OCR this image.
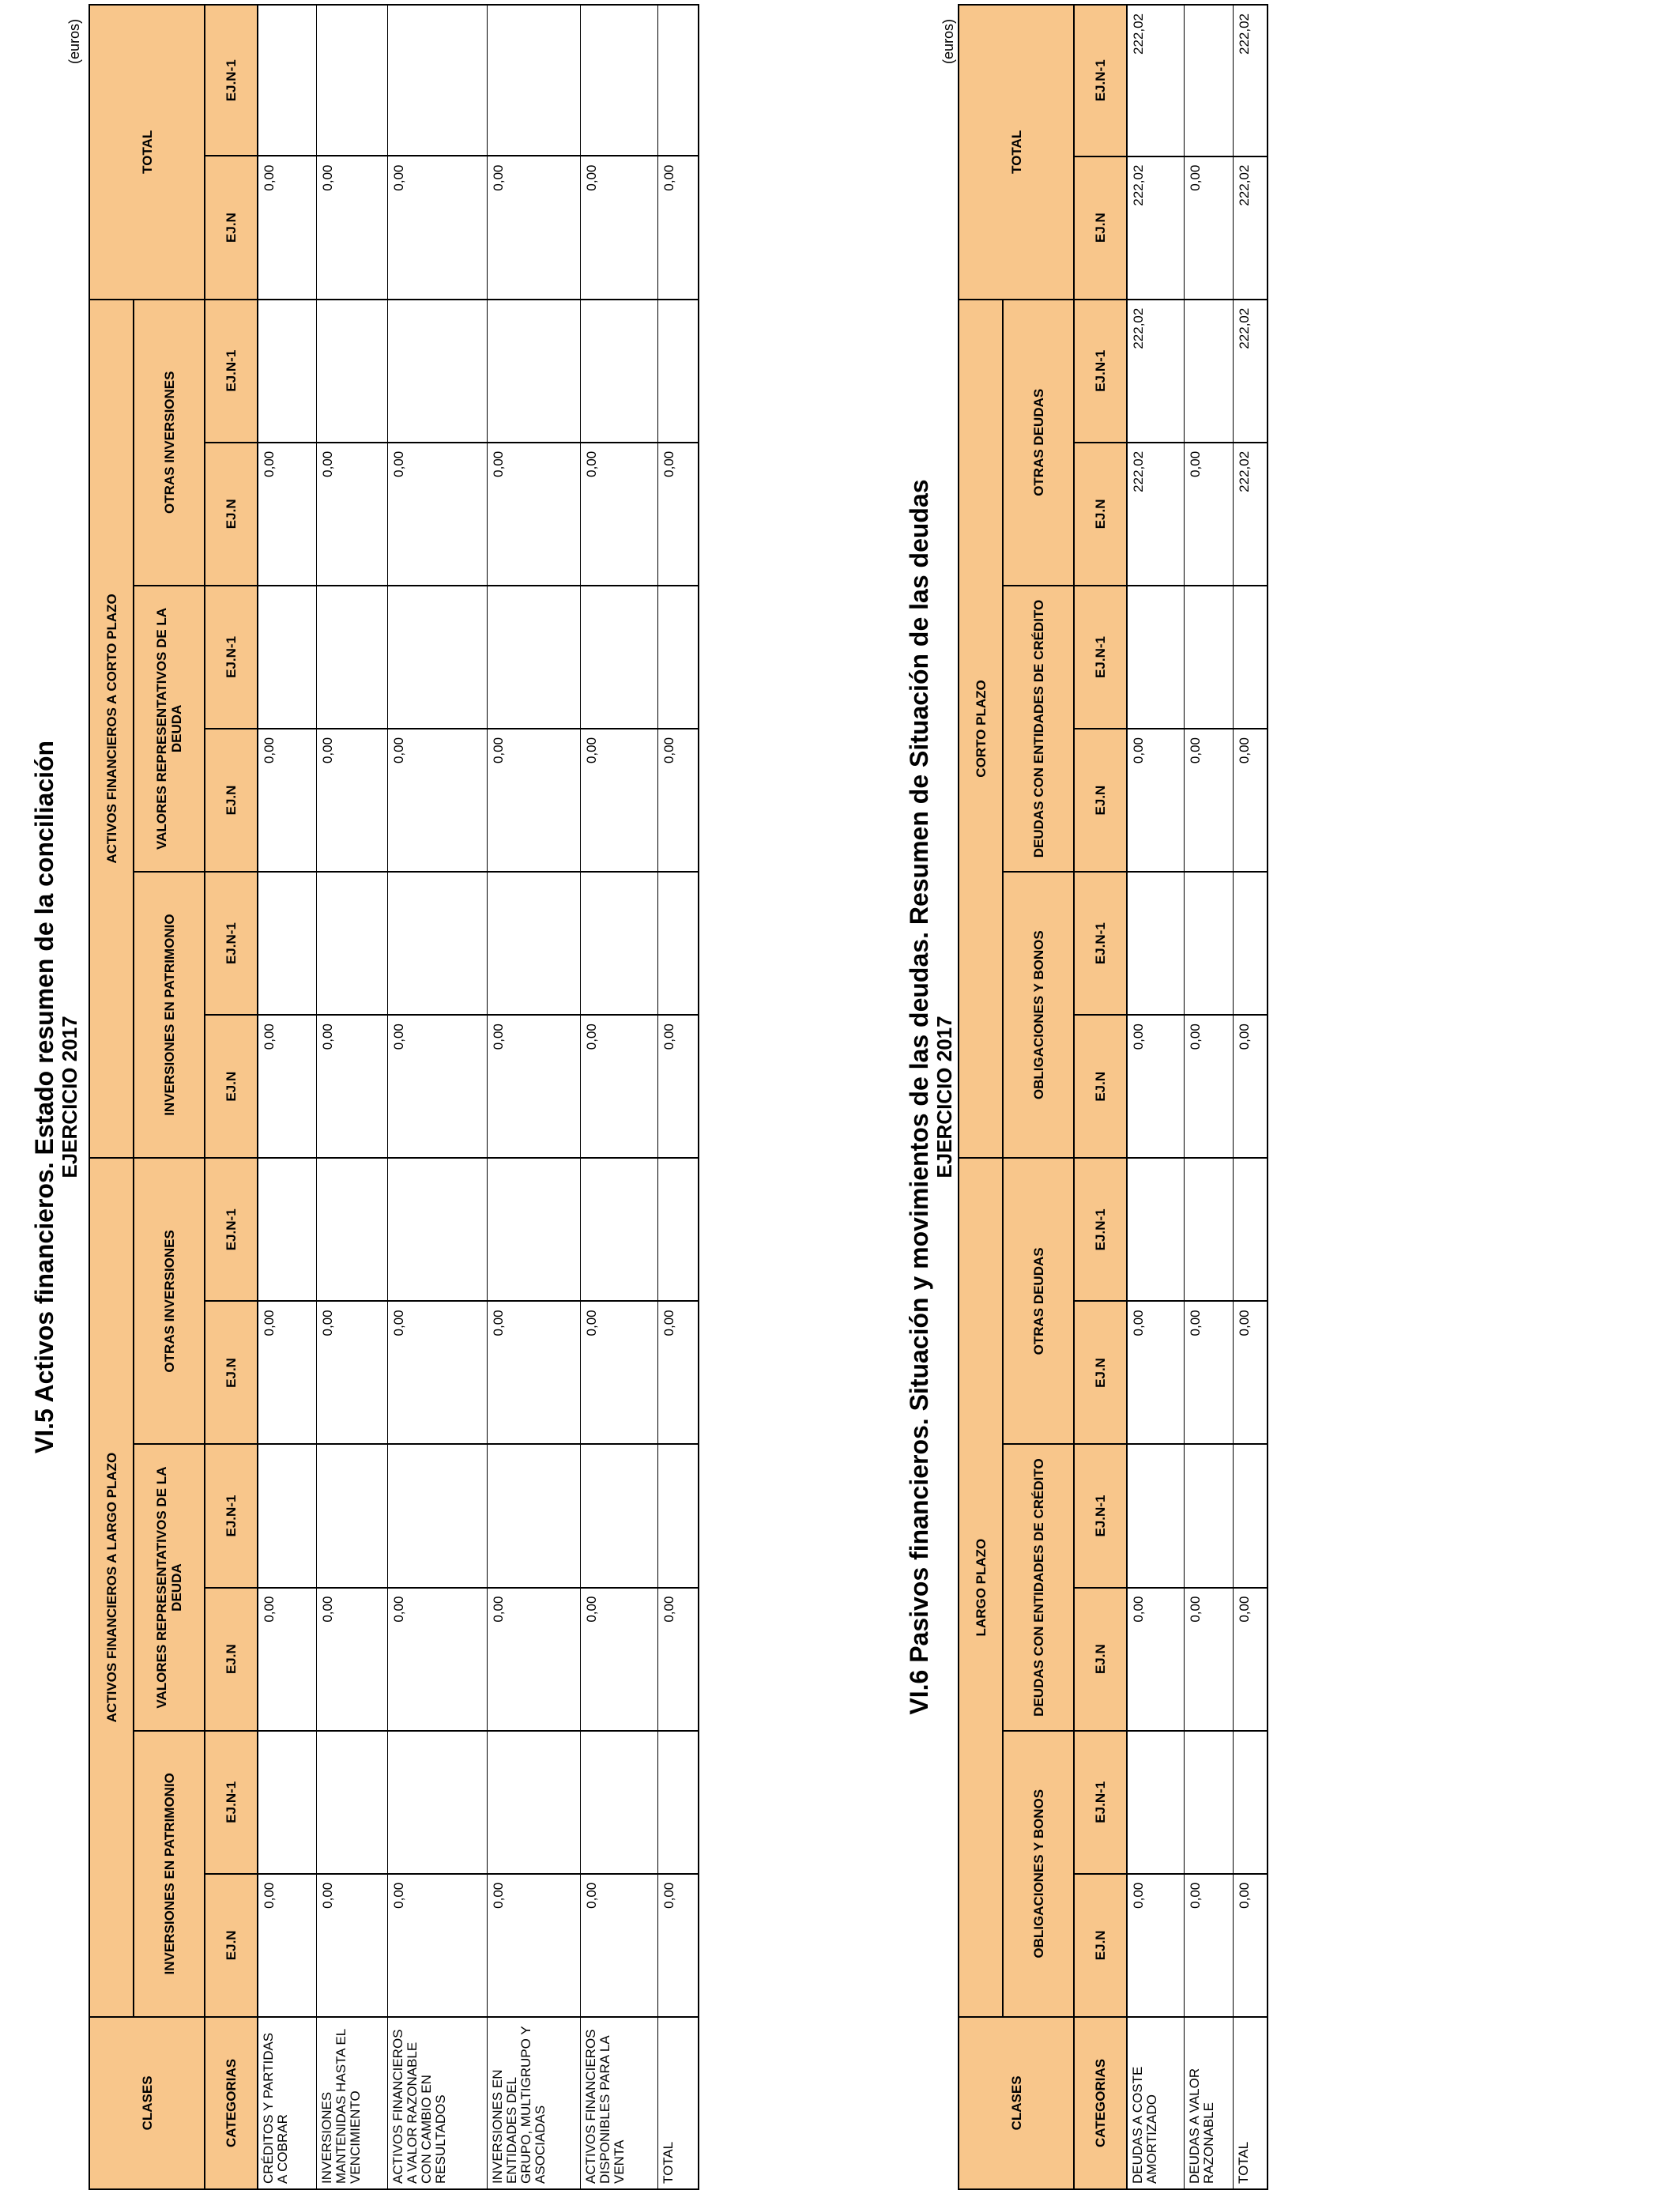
VI.5 Activos financieros. Estado resumen de la conciliación EJERCICIO 2017
(euros)
CLASES	ACTIVOS FINANCIEROS A LARGO PLAZO						ACTIVOS FINANCIEROS A CORTO PLAZO						TOTAL	
	INVERSIONES EN PATRIMONIO		VALORES REPRESENTATIVOS DE LA DEUDA		OTRAS INVERSIONES		INVERSIONES EN PATRIMONIO		VALORES REPRESENTATIVOS DE LA DEUDA		OTRAS INVERSIONES			
CATEGORIAS	EJ.N	EJ.N-1	EJ.N	EJ.N-1	EJ.N	EJ.N-1	EJ.N	EJ.N-1	EJ.N	EJ.N-1	EJ.N	EJ.N-1	EJ.N	EJ.N-1
CRÉDITOS Y PARTIDAS A COBRAR	0,00		0,00		0,00		0,00		0,00		0,00		0,00	
INVERSIONES MANTENIDAS HASTA EL VENCIMIENTO	0,00		0,00		0,00		0,00		0,00		0,00		0,00	
ACTIVOS FINANCIEROS A VALOR RAZONABLE CON CAMBIO EN RESULTADOS	0,00		0,00		0,00		0,00		0,00		0,00		0,00	
INVERSIONES EN ENTIDADES DEL GRUPO, MULTIGRUPO Y ASOCIADAS	0,00		0,00		0,00		0,00		0,00		0,00		0,00	
ACTIVOS FINANCIEROS DISPONIBLES PARA LA VENTA	0,00		0,00		0,00		0,00		0,00		0,00		0,00	
TOTAL	0,00		0,00		0,00		0,00		0,00		0,00		0,00	
VI.6 Pasivos financieros. Situación y movimientos de las deudas. Resumen de Situación de las deudas EJERCICIO 2017
(euros)
CLASES	LARGO PLAZO						CORTO PLAZO						TOTAL	
	OBLIGACIONES Y BONOS		DEUDAS CON ENTIDADES DE CRÉDITO		OTRAS DEUDAS		OBLIGACIONES Y BONOS		DEUDAS CON ENTIDADES DE CRÉDITO		OTRAS DEUDAS			
CATEGORIAS	EJ.N	EJ.N-1	EJ.N	EJ.N-1	EJ.N	EJ.N-1	EJ.N	EJ.N-1	EJ.N	EJ.N-1	EJ.N	EJ.N-1	EJ.N	EJ.N-1
DEUDAS A COSTE AMORTIZADO	0,00		0,00		0,00		0,00		0,00		222,02	222,02	222,02	222,02
DEUDAS A VALOR RAZONABLE	0,00		0,00		0,00		0,00		0,00		0,00		0,00	
TOTAL	0,00		0,00		0,00		0,00		0,00		222,02	222,02	222,02	222,02
